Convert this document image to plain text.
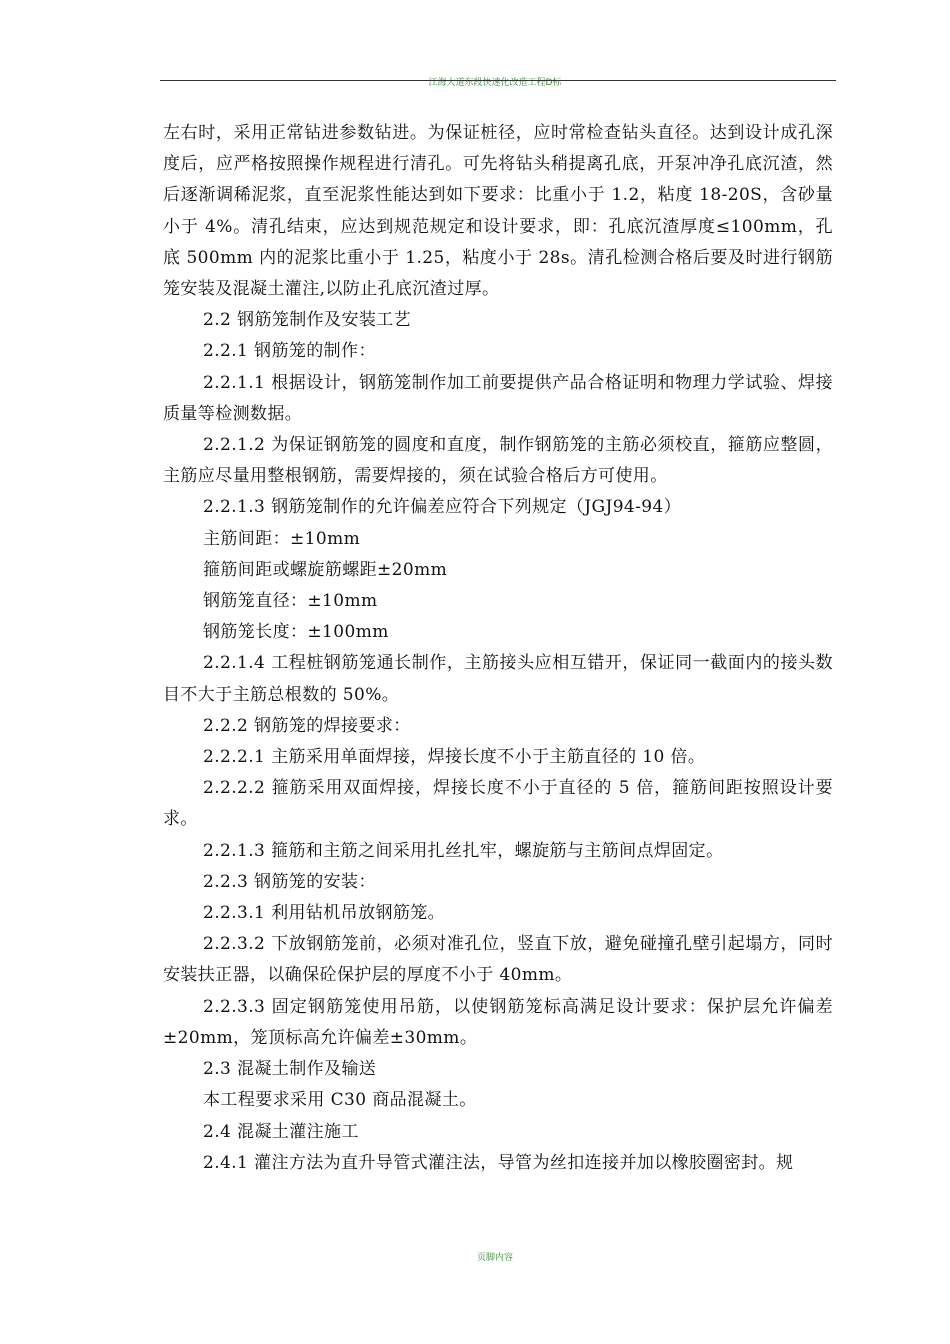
江海大道东段快速化改造工程D标

左右时，采用正常钻进参数钻进。为保证桩径，应时常检查钻头直径。达到设计成孔深度后，应严格按照操作规程进行清孔。可先将钻头稍提离孔底，开泵冲净孔底沉渣，然后逐渐调稀泥浆，直至泥浆性能达到如下要求：比重小于 1.2，粘度 18-20S，含砂量小于 4%。清孔结束，应达到规范规定和设计要求，即：孔底沉渣厚度≤100mm，孔底 500mm 内的泥浆比重小于 1.25，粘度小于 28s。清孔检测合格后要及时进行钢筋笼安装及混凝土灌注,以防止孔底沉渣过厚。

2.2 钢筋笼制作及安装工艺

2.2.1 钢筋笼的制作：

2.2.1.1 根据设计，钢筋笼制作加工前要提供产品合格证明和物理力学试验、焊接质量等检测数据。

2.2.1.2 为保证钢筋笼的圆度和直度，制作钢筋笼的主筋必须校直，箍筋应整圆，主筋应尽量用整根钢筋，需要焊接的，须在试验合格后方可使用。

2.2.1.3 钢筋笼制作的允许偏差应符合下列规定（JGJ94-94）

主筋间距：±10mm

箍筋间距或螺旋筋螺距±20mm

钢筋笼直径：±10mm

钢筋笼长度：±100mm

2.2.1.4 工程桩钢筋笼通长制作，主筋接头应相互错开，保证同一截面内的接头数目不大于主筋总根数的 50%。

2.2.2 钢筋笼的焊接要求：

2.2.2.1 主筋采用单面焊接，焊接长度不小于主筋直径的 10 倍。

2.2.2.2 箍筋采用双面焊接，焊接长度不小于直径的 5 倍，箍筋间距按照设计要求。

2.2.1.3 箍筋和主筋之间采用扎丝扎牢，螺旋筋与主筋间点焊固定。

2.2.3 钢筋笼的安装：

2.2.3.1 利用钻机吊放钢筋笼。

2.2.3.2 下放钢筋笼前，必须对准孔位，竖直下放，避免碰撞孔壁引起塌方，同时安装扶正器，以确保砼保护层的厚度不小于 40mm。

2.2.3.3 固定钢筋笼使用吊筋，以使钢筋笼标高满足设计要求：保护层允许偏差±20mm，笼顶标高允许偏差±30mm。

2.3 混凝土制作及输送

本工程要求采用 C30 商品混凝土。

2.4 混凝土灌注施工

2.4.1 灌注方法为直升导管式灌注法，导管为丝扣连接并加以橡胶圈密封。规

页脚内容
